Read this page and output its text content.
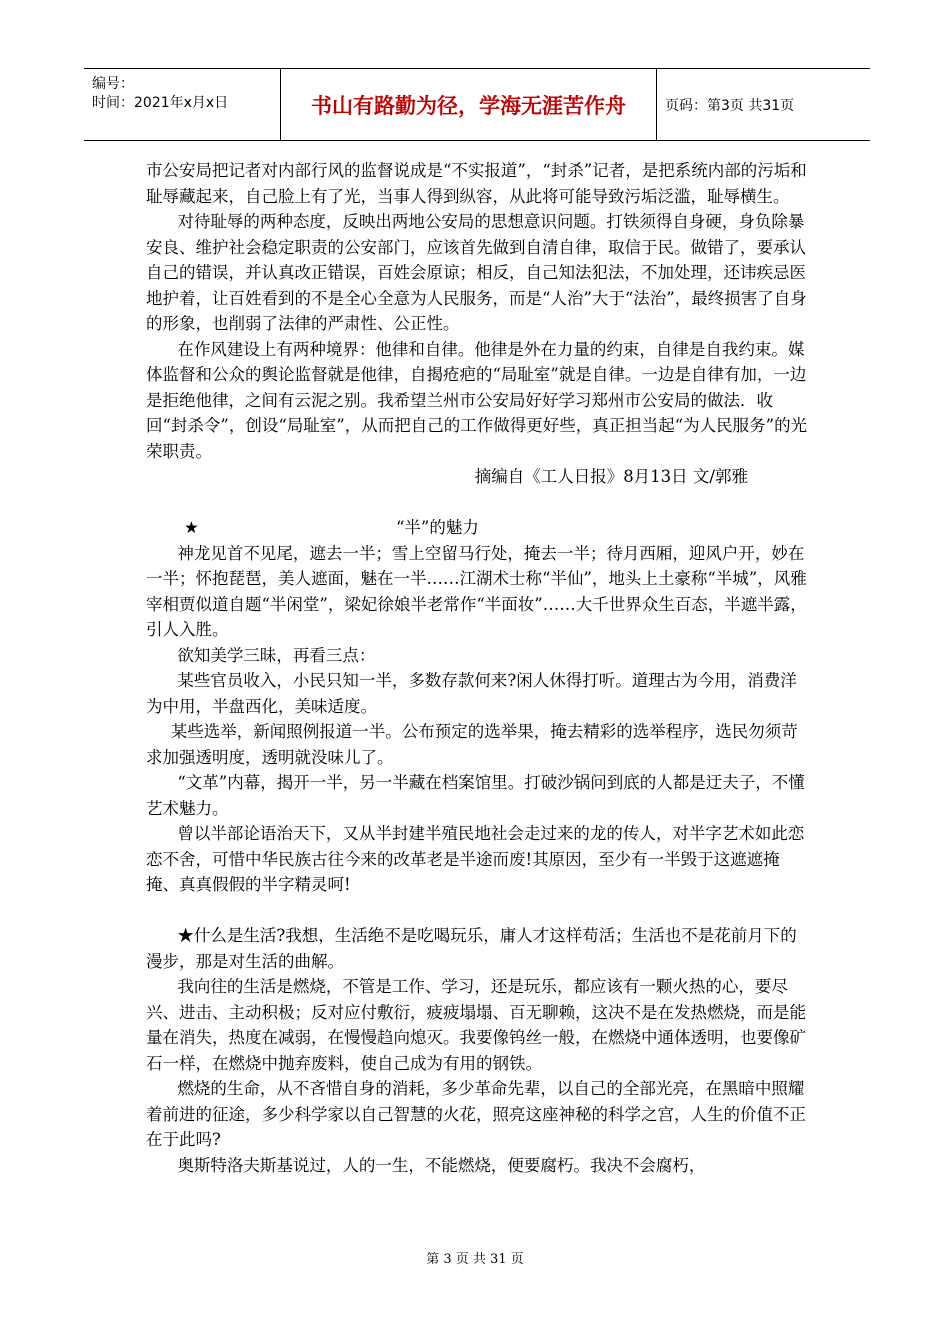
编号：
时间：2021年x月x日	书山有路勤为径，学海无涯苦作舟	页码：第3页 共31页

市公安局把记者对内部行风的监督说成是“不实报道”，“封杀”记者，是把系统内部的污垢和耻辱藏起来，自己脸上有了光，当事人得到纵容，从此将可能导致污垢泛滥，耻辱横生。

对待耻辱的两种态度，反映出两地公安局的思想意识问题。打铁须得自身硬，身负除暴安良、维护社会稳定职责的公安部门，应该首先做到自清自律，取信于民。做错了，要承认自己的错误，并认真改正错误，百姓会原谅；相反，自己知法犯法，不加处理，还讳疾忌医地护着，让百姓看到的不是全心全意为人民服务，而是“人治”大于“法治”，最终损害了自身的形象，也削弱了法律的严肃性、公正性。

在作风建设上有两种境界：他律和自律。他律是外在力量的约束，自律是自我约束。媒体监督和公众的舆论监督就是他律，自揭疮疤的“局耻室”就是自律。一边是自律有加，一边是拒绝他律，之间有云泥之别。我希望兰州市公安局好好学习郑州市公安局的做法．收回“封杀令”，创设“局耻室”，从而把自己的工作做得更好些，真正担当起“为人民服务”的光荣职责。

摘编自《工人日报》8月13日 文/郭雅

★	“半”的魅力

神龙见首不见尾，遮去一半；雪上空留马行处，掩去一半；待月西厢，迎风户开，妙在一半；怀抱琵琶，美人遮面，魅在一半……江湖术士称“半仙”，地头上土豪称“半城”，风雅宰相贾似道自题“半闲堂”，梁妃徐娘半老常作“半面妆”……大千世界众生百态，半遮半露，引人入胜。

欲知美学三昧，再看三点：

某些官员收入，小民只知一半，多数存款何来?闲人休得打听。道理古为今用，消费洋为中用，半盘西化，美味适度。

某些选举，新闻照例报道一半。公布预定的选举果，掩去精彩的选举程序，选民勿须苛求加强透明度，透明就没味儿了。

“文革”内幕，揭开一半，另一半藏在档案馆里。打破沙锅问到底的人都是迂夫子，不懂艺术魅力。

曾以半部论语治天下，又从半封建半殖民地社会走过来的龙的传人，对半字艺术如此恋恋不舍，可惜中华民族古往今来的改革老是半途而废!其原因，至少有一半毁于这遮遮掩掩、真真假假的半字精灵呵!

★什么是生活?我想，生活绝不是吃喝玩乐，庸人才这样苟活；生活也不是花前月下的漫步，那是对生活的曲解。

我向往的生活是燃烧，不管是工作、学习，还是玩乐，都应该有一颗火热的心，要尽兴、进击、主动积极；反对应付敷衍，疲疲塌塌、百无聊赖，这决不是在发热燃烧，而是能量在消失，热度在减弱，在慢慢趋向熄灭。我要像钨丝一般，在燃烧中通体透明，也要像矿石一样，在燃烧中抛弃废料，使自己成为有用的钢铁。

燃烧的生命，从不吝惜自身的消耗，多少革命先辈，以自己的全部光亮，在黑暗中照耀着前进的征途，多少科学家以自己智慧的火花，照亮这座神秘的科学之宫，人生的价值不正在于此吗?

奥斯特洛夫斯基说过，人的一生，不能燃烧，便要腐朽。我决不会腐朽，

第 3 页 共 31 页
